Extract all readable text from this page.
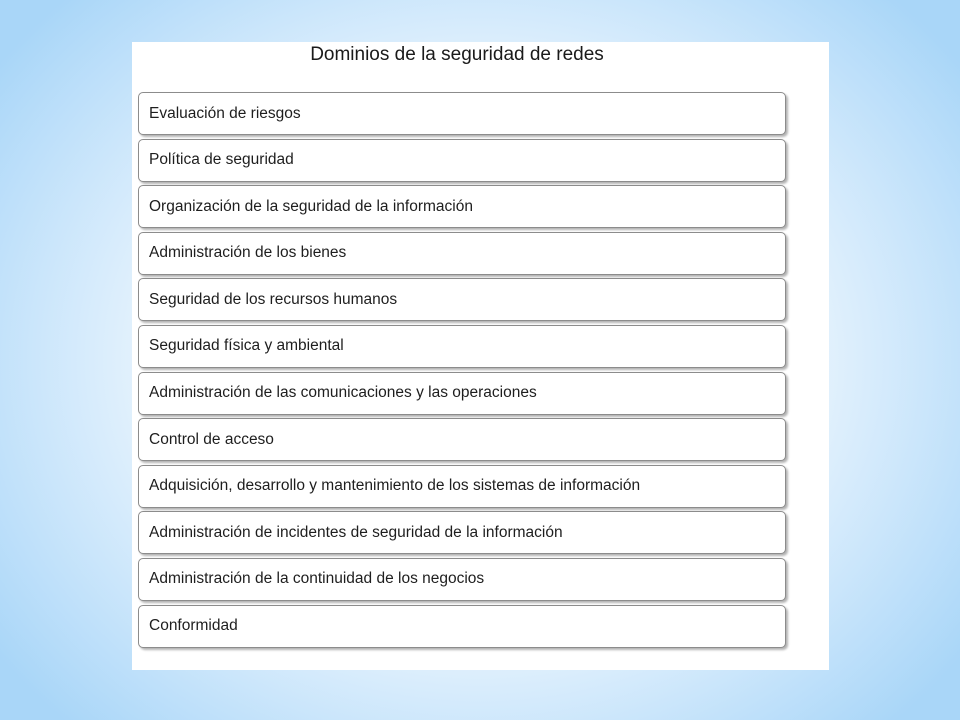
Dominios de la seguridad de redes
Evaluación de riesgos
Política de seguridad
Organización de la seguridad de la información
Administración de los bienes
Seguridad de los recursos humanos
Seguridad física y ambiental
Administración de las comunicaciones y las operaciones
Control de acceso
Adquisición, desarrollo y mantenimiento de los sistemas de información
Administración de incidentes de seguridad de la información
Administración de la continuidad de los negocios
Conformidad
